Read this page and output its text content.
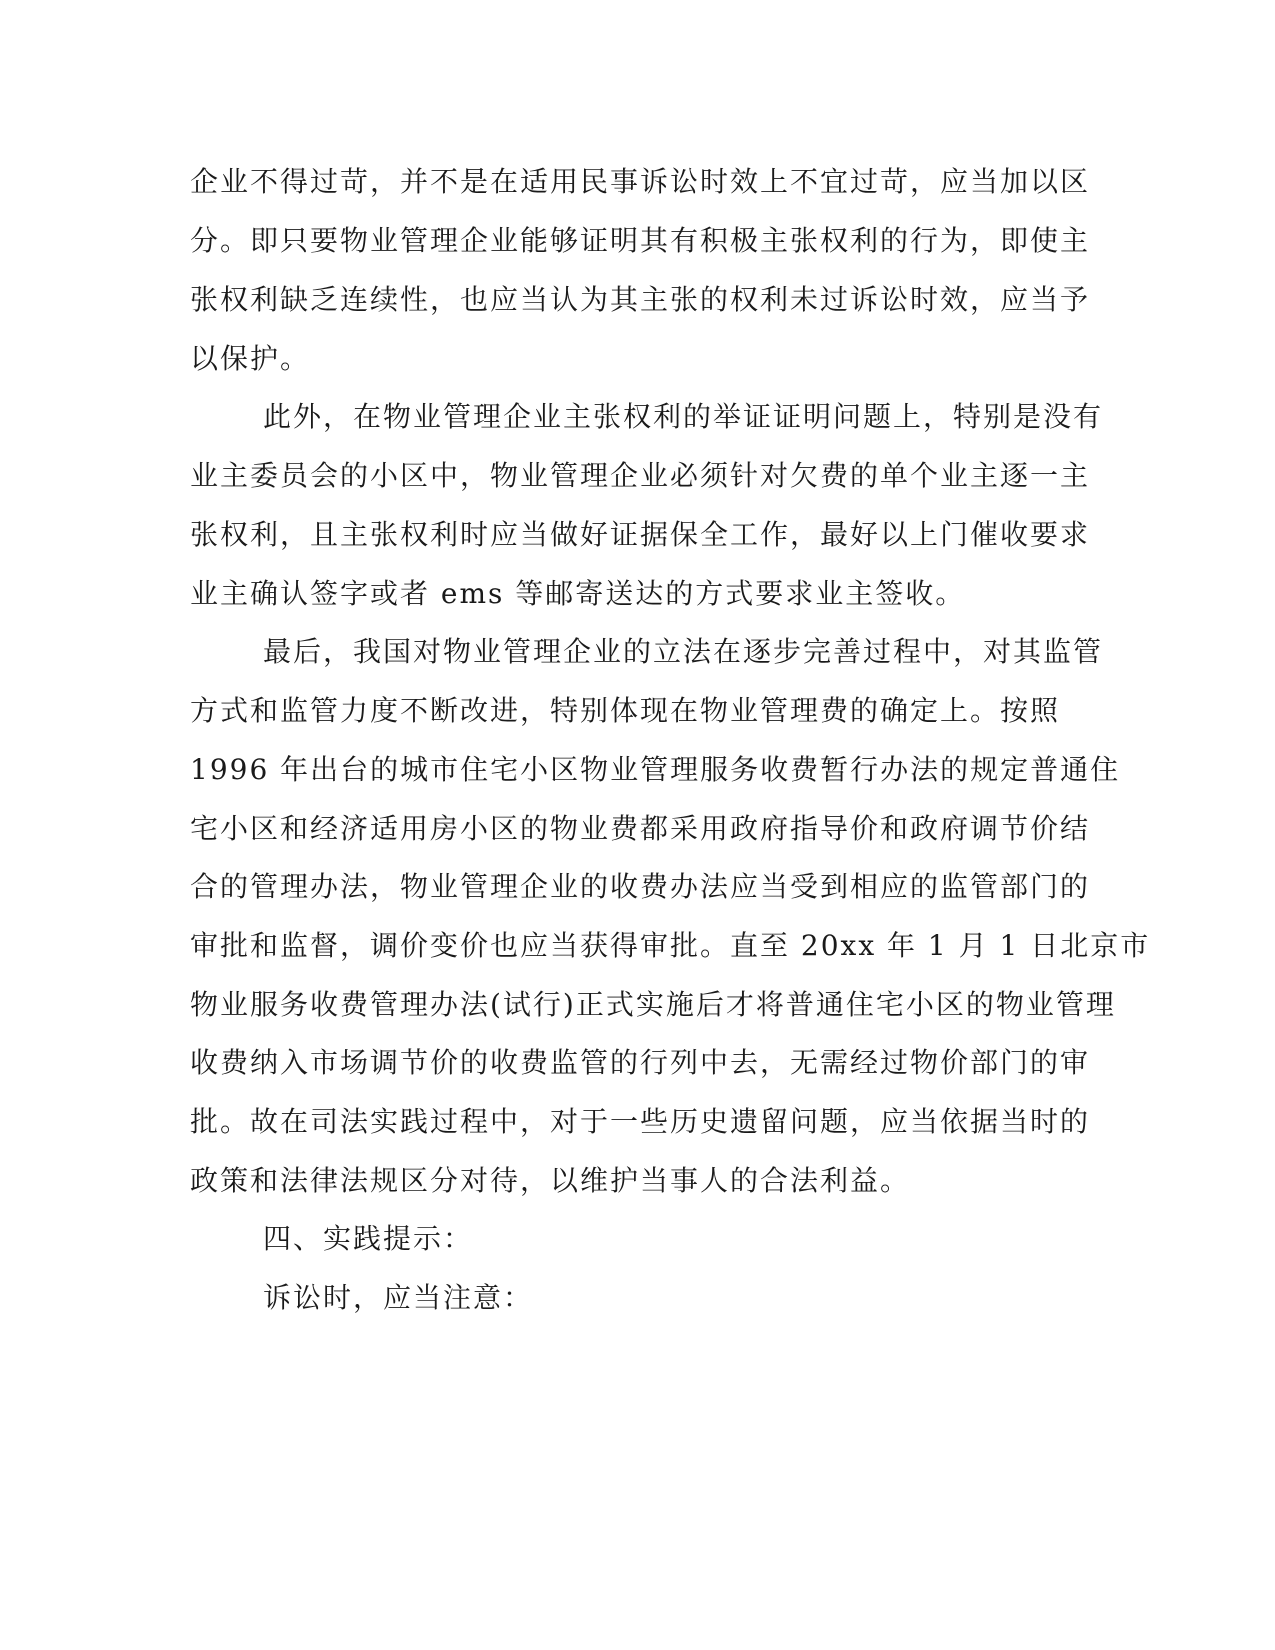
企业不得过苛，并不是在适用民事诉讼时效上不宜过苛，应当加以区
分。即只要物业管理企业能够证明其有积极主张权利的行为，即使主
张权利缺乏连续性，也应当认为其主张的权利未过诉讼时效，应当予
以保护。
此外，在物业管理企业主张权利的举证证明问题上，特别是没有
业主委员会的小区中，物业管理企业必须针对欠费的单个业主逐一主
张权利，且主张权利时应当做好证据保全工作，最好以上门催收要求
业主确认签字或者 ems 等邮寄送达的方式要求业主签收。
最后，我国对物业管理企业的立法在逐步完善过程中，对其监管
方式和监管力度不断改进，特别体现在物业管理费的确定上。按照
1996 年出台的城市住宅小区物业管理服务收费暂行办法的规定普通住
宅小区和经济适用房小区的物业费都采用政府指导价和政府调节价结
合的管理办法，物业管理企业的收费办法应当受到相应的监管部门的
审批和监督，调价变价也应当获得审批。直至 20xx 年 1 月 1 日北京市
物业服务收费管理办法(试行)正式实施后才将普通住宅小区的物业管理
收费纳入市场调节价的收费监管的行列中去，无需经过物价部门的审
批。故在司法实践过程中，对于一些历史遗留问题，应当依据当时的
政策和法律法规区分对待，以维护当事人的合法利益。
四、实践提示：
诉讼时，应当注意：
